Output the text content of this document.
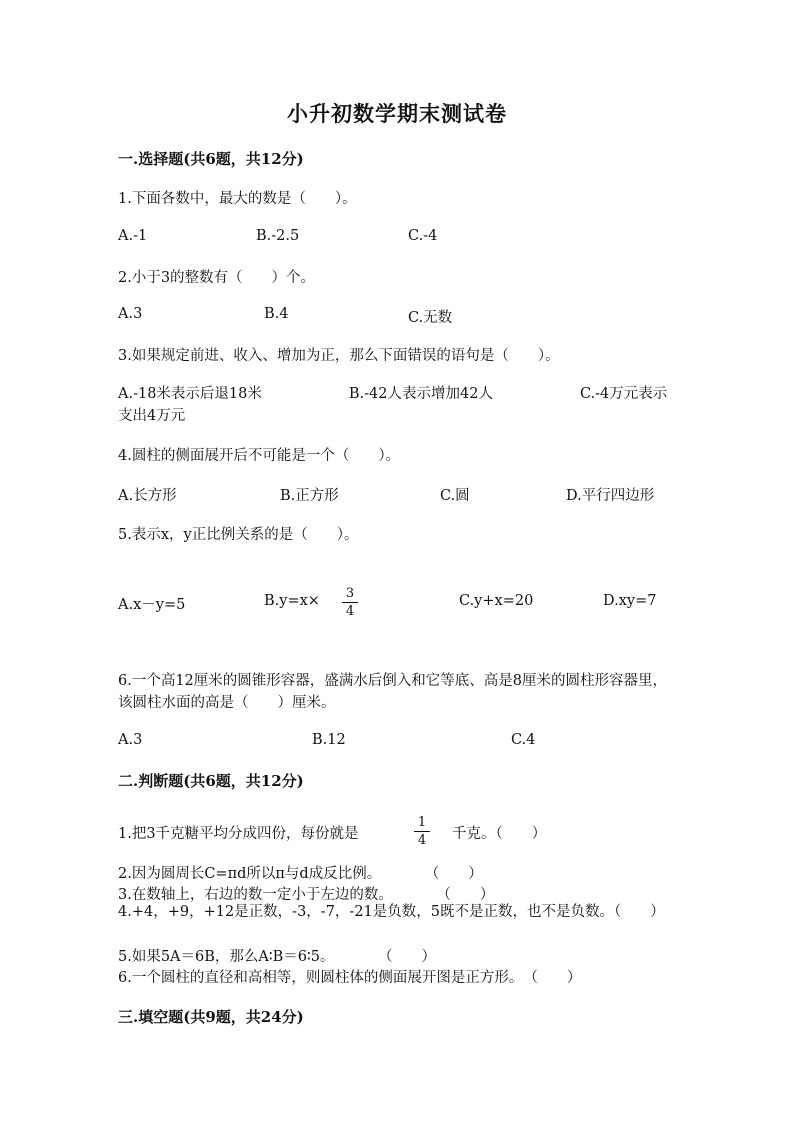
小升初数学期末测试卷
一.选择题(共6题，共12分)
1.下面各数中，最大的数是（　　）。
A.-1	B.-2.5	C.-4
2.小于3的整数有（　　）个。
A.3	B.4	C.无数
3.如果规定前进、收入、增加为正，那么下面错误的语句是（　　）。
A.-18米表示后退18米　　　　　　B.-42人表示增加42人　　　　　　C.-4万元表示支出4万元
4.圆柱的侧面展开后不可能是一个（　　）。
A.长方形	B.正方形	C.圆	D.平行四边形
5.表示x，y正比例关系的是（　　）。
A.x－y=5	$B.y=x\times \frac{3}{4}$	C.y+x=20	D.xy=7
6.一个高12厘米的圆锥形容器，盛满水后倒入和它等底、高是8厘米的圆柱形容器里，该圆柱水面的高是（　　）厘米。
A.3	B.12	C.4
二.判断题(共6题，共12分)
1.把3千克糖平均分成四份，每份就是	$\frac{1}{4}$ 千克。（　　）
2.因为圆周长C=πd所以π与d成反比例。　　　　（　　）
3.在数轴上，右边的数一定小于左边的数。　　　　（　　）
4.+4，+9，+12是正数，-3，-7，-21是负数，5既不是正数，也不是负数。（　　）
5.如果5A＝6B，那么A∶B＝6∶5。　　　　（　　）
6.一个圆柱的直径和高相等，则圆柱体的侧面展开图是正方形。　（　　）
三.填空题(共9题，共24分)
